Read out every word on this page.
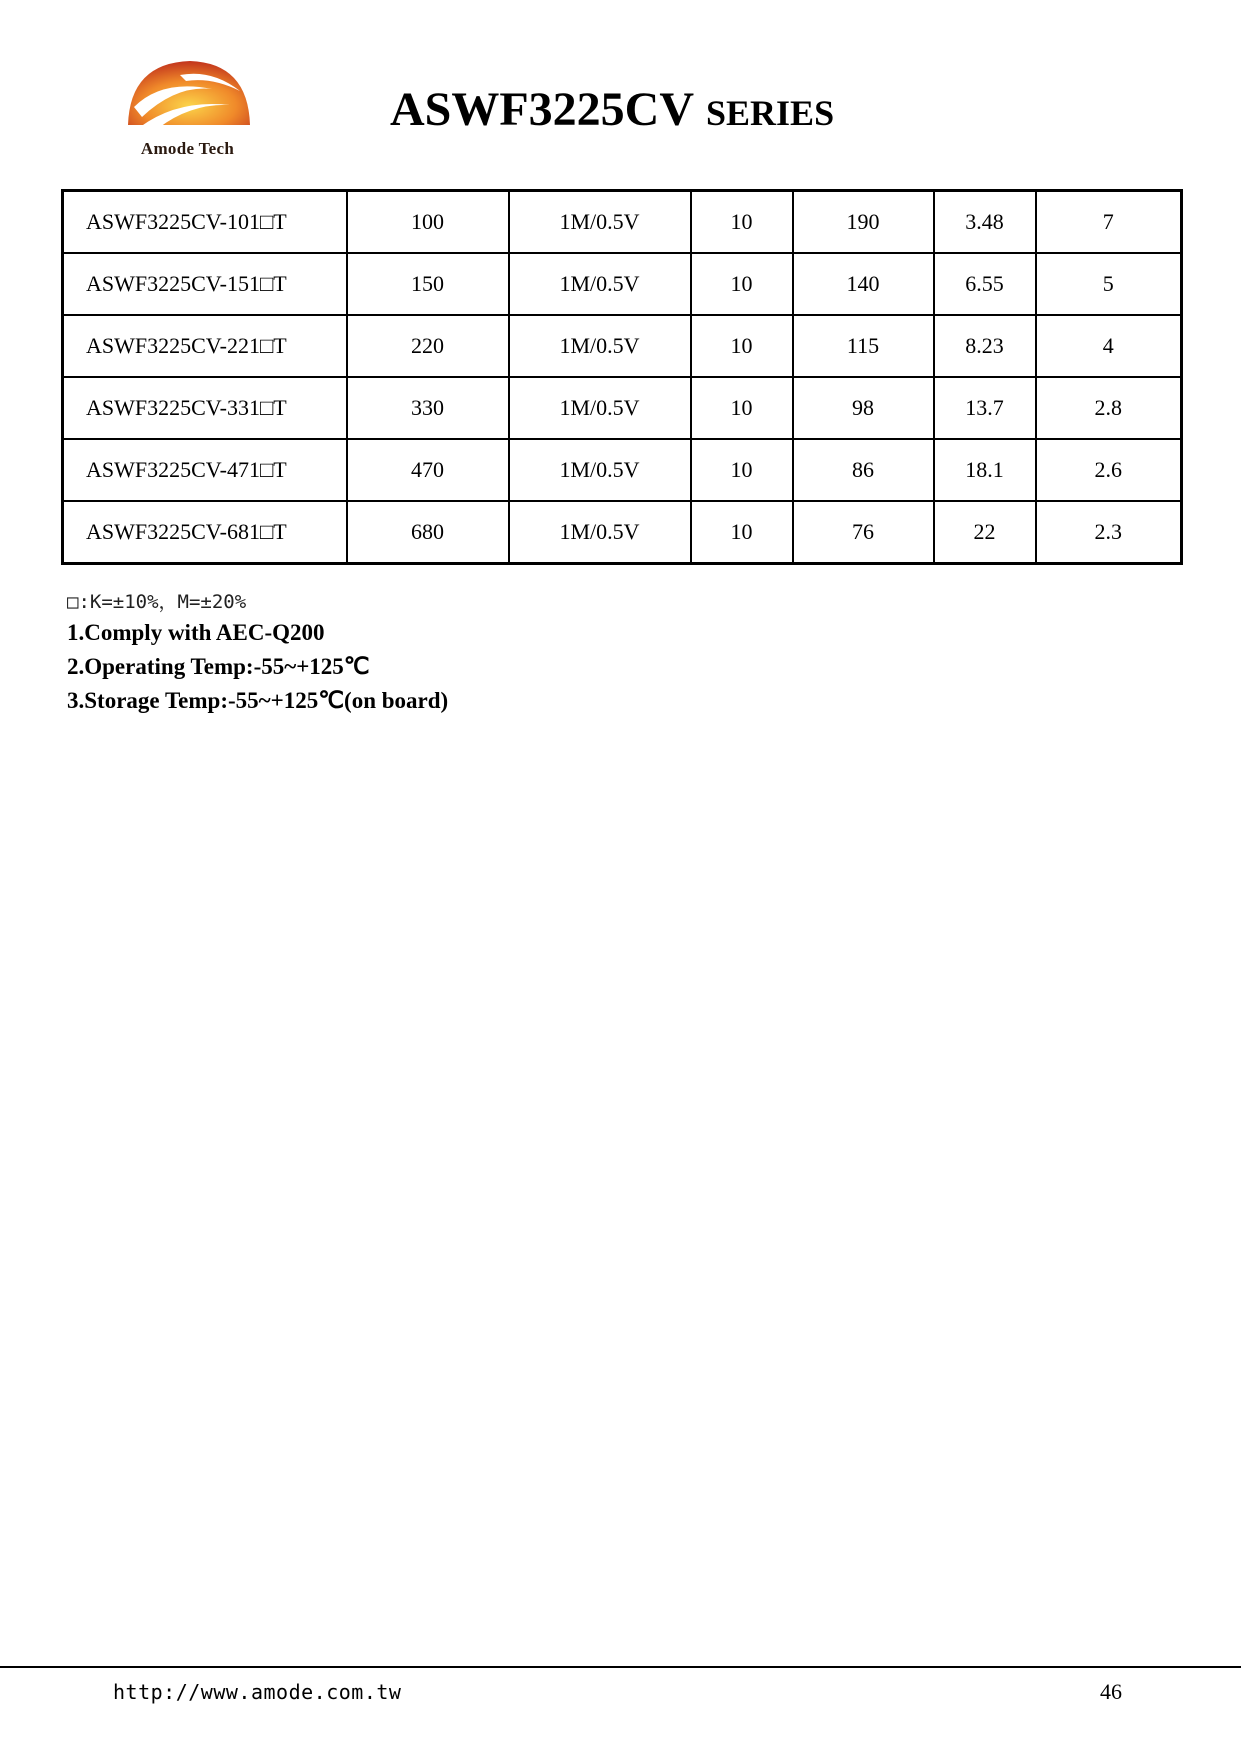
Amode Tech
ASWF3225CV SERIES
ASWF3225CV-101□T	100	1M/0.5V	10	190	3.48	7
ASWF3225CV-151□T	150	1M/0.5V	10	140	6.55	5
ASWF3225CV-221□T	220	1M/0.5V	10	115	8.23	4
ASWF3225CV-331□T	330	1M/0.5V	10	98	13.7	2.8
ASWF3225CV-471□T	470	1M/0.5V	10	86	18.1	2.6
ASWF3225CV-681□T	680	1M/0.5V	10	76	22	2.3
□:K=±10%，M=±20%
1.Comply with AEC-Q200
2.Operating Temp:-55~+125℃
3.Storage Temp:-55~+125℃(on board)
http://www.amode.com.tw	46
